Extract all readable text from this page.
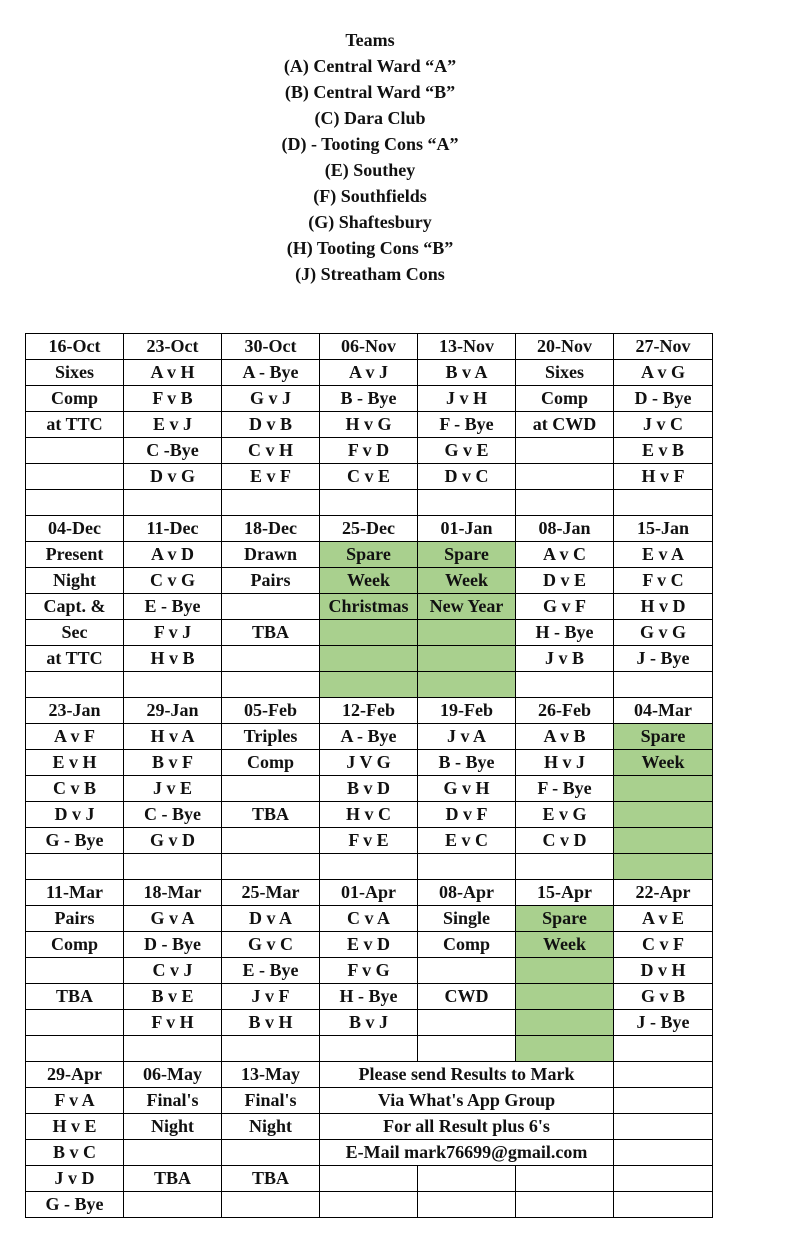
Teams
(A) Central Ward “A”
(B) Central Ward “B”
(C) Dara Club
(D) - Tooting Cons “A”
(E) Southey
(F) Southfields
(G) Shaftesbury
(H) Tooting Cons “B”
(J) Streatham Cons
16-Oct	23-Oct	30-Oct	06-Nov	13-Nov	20-Nov	27-Nov
Sixes	A v H	A - Bye	A v J	B v A	Sixes	A v G
Comp	F v B	G v J	B - Bye	J v H	Comp	D - Bye
at TTC	E v J	D v B	H v G	F - Bye	at CWD	J v C
	C -Bye	C v H	F v D	G v E		E v B
	D v G	E v F	C v E	D v C		H v F

04-Dec	11-Dec	18-Dec	25-Dec	01-Jan	08-Jan	15-Jan
Present	A v D	Drawn	Spare	Spare	A v C	E v A
Night	C v G	Pairs	Week	Week	D v E	F v C
Capt. &	E - Bye		Christmas	New Year	G v F	H v D
Sec	F v J	TBA			H - Bye	G v G
at TTC	H v B				J v B	J - Bye

23-Jan	29-Jan	05-Feb	12-Feb	19-Feb	26-Feb	04-Mar
A v F	H v A	Triples	A - Bye	J v A	A v B	Spare
E v H	B v F	Comp	J V G	B - Bye	H v J	Week
C v B	J v E		B v D	G v H	F - Bye	
D v J	C - Bye	TBA	H v C	D v F	E v G	
G - Bye	G v D		F v E	E v C	C v D	

11-Mar	18-Mar	25-Mar	01-Apr	08-Apr	15-Apr	22-Apr
Pairs	G v A	D v A	C v A	Single	Spare	A v E
Comp	D - Bye	G v C	E v D	Comp	Week	C v F
	C v J	E - Bye	F v G			D v H
TBA	B v E	J v F	H - Bye	CWD		G v B
	F v H	B v H	B v J			J - Bye

29-Apr	06-May	13-May	Please send Results to Mark			
F v A	Final's	Final's	Via What's App Group			
H v E	Night	Night	For all Result plus 6's			
B v C			E-Mail mark76699@gmail.com			
J v D	TBA	TBA				
G - Bye						
